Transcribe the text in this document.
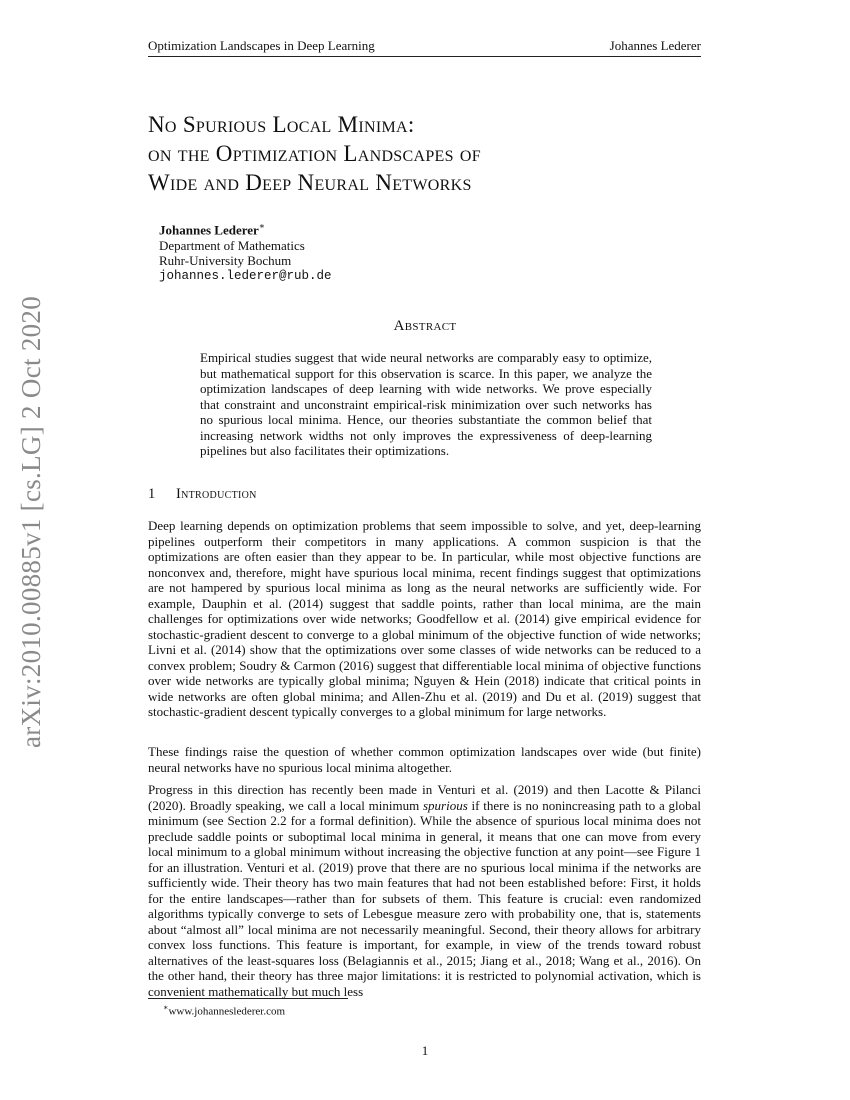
Optimization Landscapes in Deep Learning	Johannes Lederer
arXiv:2010.00885v1 [cs.LG] 2 Oct 2020
No Spurious Local Minima:
on the Optimization Landscapes of
Wide and Deep Neural Networks
Johannes Lederer∗
Department of Mathematics
Ruhr-University Bochum
johannes.lederer@rub.de
Abstract

Empirical studies suggest that wide neural networks are comparably easy to optimize, but mathematical support for this observation is scarce. In this paper, we analyze the optimization landscapes of deep learning with wide networks. We prove especially that constraint and unconstraint empirical-risk minimization over such networks has no spurious local minima. Hence, our theories substantiate the common belief that increasing network widths not only improves the expressiveness of deep-learning pipelines but also facilitates their optimizations.

1 Introduction

Deep learning depends on optimization problems that seem impossible to solve, and yet, deep-learning pipelines outperform their competitors in many applications. A common suspicion is that the optimizations are often easier than they appear to be. In particular, while most objective functions are nonconvex and, therefore, might have spurious local minima, recent findings suggest that optimizations are not hampered by spurious local minima as long as the neural networks are sufficiently wide. For example, Dauphin et al. (2014) suggest that saddle points, rather than local minima, are the main challenges for optimizations over wide networks; Goodfellow et al. (2014) give empirical evidence for stochastic-gradient descent to converge to a global minimum of the objective function of wide networks; Livni et al. (2014) show that the optimizations over some classes of wide networks can be reduced to a convex problem; Soudry & Carmon (2016) suggest that differentiable local minima of objective functions over wide networks are typically global minima; Nguyen & Hein (2018) indicate that critical points in wide networks are often global minima; and Allen-Zhu et al. (2019) and Du et al. (2019) suggest that stochastic-gradient descent typically converges to a global minimum for large networks.

These findings raise the question of whether common optimization landscapes over wide (but finite) neural networks have no spurious local minima altogether.

Progress in this direction has recently been made in Venturi et al. (2019) and then Lacotte & Pilanci (2020). Broadly speaking, we call a local minimum spurious if there is no nonincreasing path to a global minimum (see Section 2.2 for a formal definition). While the absence of spurious local minima does not preclude saddle points or suboptimal local minima in general, it means that one can move from every local minimum to a global minimum without increasing the objective function at any point—see Figure 1 for an illustration. Venturi et al. (2019) prove that there are no spurious local minima if the networks are sufficiently wide. Their theory has two main features that had not been established before: First, it holds for the entire landscapes—rather than for subsets of them. This feature is crucial: even randomized algorithms typically converge to sets of Lebesgue measure zero with probability one, that is, statements about “almost all” local minima are not necessarily meaningful. Second, their theory allows for arbitrary convex loss functions. This feature is important, for example, in view of the trends toward robust alternatives of the least-squares loss (Belagiannis et al., 2015; Jiang et al., 2018; Wang et al., 2016). On the other hand, their theory has three major limitations: it is restricted to polynomial activation, which is convenient mathematically but much less

∗www.johanneslederer.com
1
